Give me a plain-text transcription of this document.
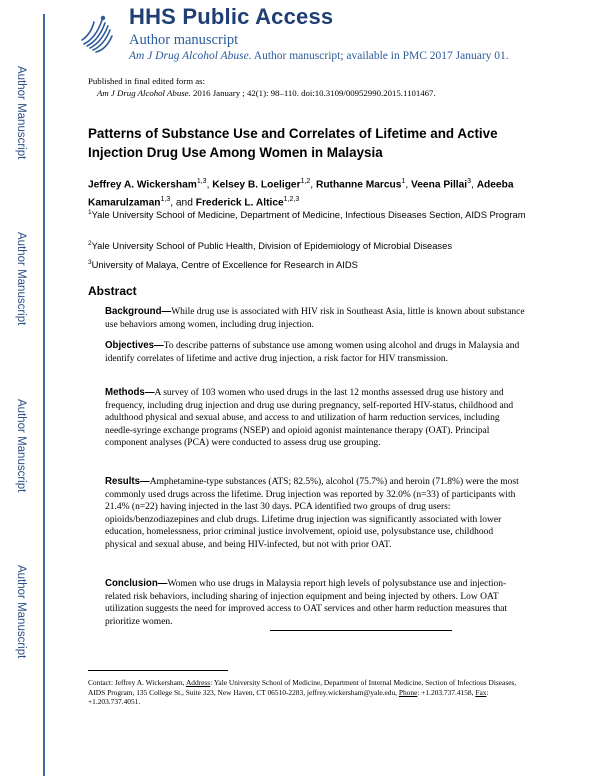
Author Manuscript
Author Manuscript
Author Manuscript
Author Manuscript
HHS Public Access
Author manuscript
Am J Drug Alcohol Abuse. Author manuscript; available in PMC 2017 January 01.
Published in final edited form as:
Am J Drug Alcohol Abuse. 2016 January ; 42(1): 98–110. doi:10.3109/00952990.2015.1101467.
Patterns of Substance Use and Correlates of Lifetime and Active Injection Drug Use Among Women in Malaysia
Jeffrey A. Wickersham$^{1,3}$, Kelsey B. Loeliger$^{1,2}$, Ruthanne Marcus$^1$, Veena Pillai$^3$, Adeeba Kamarulzaman$^{1,3}$, and Frederick L. Altice$^{1,2,3}$
$^1$Yale University School of Medicine, Department of Medicine, Infectious Diseases Section, AIDS Program
$^2$Yale University School of Public Health, Division of Epidemiology of Microbial Diseases
$^3$University of Malaya, Centre of Excellence for Research in AIDS
Abstract
Background—While drug use is associated with HIV risk in Southeast Asia, little is known about substance use behaviors among women, including drug injection.
Objectives—To describe patterns of substance use among women using alcohol and drugs in Malaysia and identify correlates of lifetime and active drug injection, a risk factor for HIV transmission.
Methods—A survey of 103 women who used drugs in the last 12 months assessed drug use history and frequency, including drug injection and drug use during pregnancy, self-reported HIV-status, childhood and adulthood physical and sexual abuse, and access to and utilization of harm reduction services, including needle-syringe exchange programs (NSEP) and opioid agonist maintenance therapy (OAT). Principal component analyses (PCA) were conducted to assess drug use grouping.
Results—Amphetamine-type substances (ATS; 82.5%), alcohol (75.7%) and heroin (71.8%) were the most commonly used drugs across the lifetime. Drug injection was reported by 32.0% (n=33) of participants with 21.4% (n=22) having injected in the last 30 days. PCA identified two groups of drug users: opioids/benzodiazepines and club drugs. Lifetime drug injection was significantly associated with lower education, homelessness, prior criminal justice involvement, opioid use, polysubstance use, childhood physical and sexual abuse, and being HIV-infected, but not with prior OAT.
Conclusion—Women who use drugs in Malaysia report high levels of polysubstance use and injection-related risk behaviors, including sharing of injection equipment and being injected by others. Low OAT utilization suggests the need for improved access to OAT services and other harm reduction measures that prioritize women.
Contact: Jeffrey A. Wickersham, Address: Yale University School of Medicine, Department of Internal Medicine, Section of Infectious Diseases, AIDS Program, 135 College St., Suite 323, New Haven, CT 06510-2283, jeffrey.wickersham@yale.edu, Phone: +1.203.737.4158, Fax: +1.203.737.4051.
